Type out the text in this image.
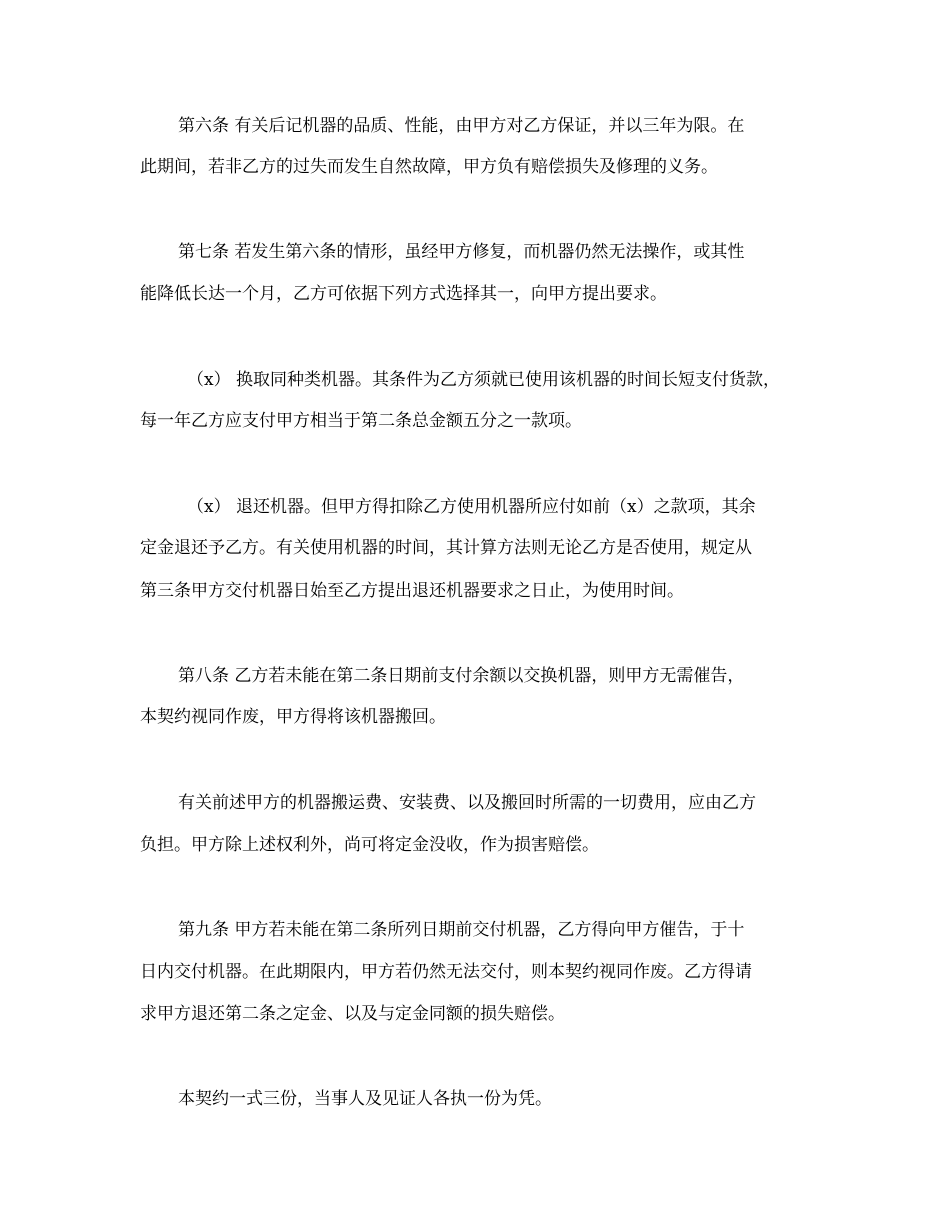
第六条 有关后记机器的品质、性能，由甲方对乙方保证，并以三年为限。在
此期间，若非乙方的过失而发生自然故障，甲方负有赔偿损失及修理的义务。
第七条 若发生第六条的情形，虽经甲方修复，而机器仍然无法操作，或其性
能降低长达一个月，乙方可依据下列方式选择其一，向甲方提出要求。
（x） 换取同种类机器。其条件为乙方须就已使用该机器的时间长短支付货款，
每一年乙方应支付甲方相当于第二条总金额五分之一款项。
（x） 退还机器。但甲方得扣除乙方使用机器所应付如前（x）之款项，其余
定金退还予乙方。有关使用机器的时间，其计算方法则无论乙方是否使用，规定从
第三条甲方交付机器日始至乙方提出退还机器要求之日止，为使用时间。
第八条 乙方若未能在第二条日期前支付余额以交换机器，则甲方无需催告，
本契约视同作废，甲方得将该机器搬回。
有关前述甲方的机器搬运费、安装费、以及搬回时所需的一切费用，应由乙方
负担。甲方除上述权利外，尚可将定金没收，作为损害赔偿。
第九条 甲方若未能在第二条所列日期前交付机器，乙方得向甲方催告，于十
日内交付机器。在此期限内，甲方若仍然无法交付，则本契约视同作废。乙方得请
求甲方退还第二条之定金、以及与定金同额的损失赔偿。
本契约一式三份，当事人及见证人各执一份为凭。
